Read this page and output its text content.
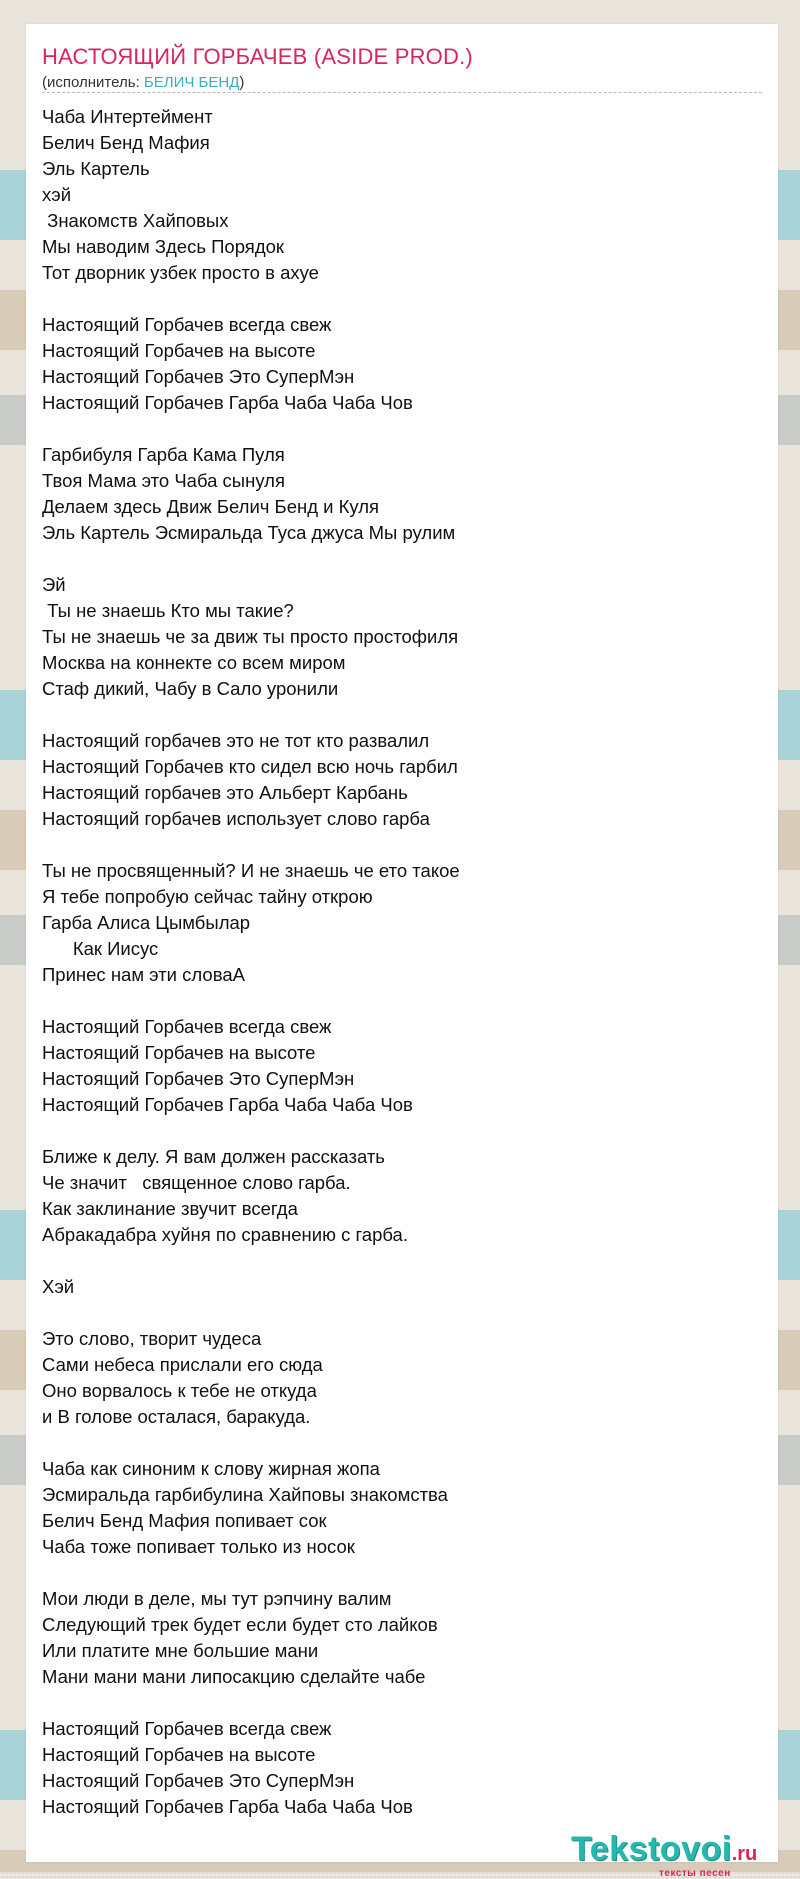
НАСТОЯЩИЙ ГОРБАЧЕВ (ASIDE PROD.)
(исполнитель: БЕЛИЧ БЕНД)
Чаба Интертеймент
Белич Бенд Мафия
Эль Картель
хэй
Знакомств Хайповых
Мы наводим Здесь Порядок
Тот дворник узбек просто в ахуе
Настоящий Горбачев всегда свеж
Настоящий Горбачев на высоте
Настоящий Горбачев Это СуперМэн
Настоящий Горбачев Гарба Чаба Чаба Чов
Гарбибуля Гарба Кама Пуля
Твоя Мама это Чаба сынуля
Делаем здесь Движ Белич Бенд и Куля
Эль Картель Эсмиральда Туса джуса Мы рулим
Эй
Ты не знаешь Кто мы такие?
Ты не знаешь че за движ ты просто простофиля
Москва на коннекте со всем миром
Стаф дикий, Чабу в Сало уронили
Настоящий горбачев это не тот кто развалил
Настоящий Горбачев кто сидел всю ночь гарбил
Настоящий горбачев это Альберт Карбань
Настоящий горбачев использует слово гарба
Ты не просвященный? И не знаешь че ето такое
Я тебе попробую сейчас тайну открою
Гарба Алиса Цымбылар
Как Иисус
Принес нам эти словаА
Настоящий Горбачев всегда свеж
Настоящий Горбачев на высоте
Настоящий Горбачев Это СуперМэн
Настоящий Горбачев Гарба Чаба Чаба Чов
Ближе к делу. Я вам должен рассказать
Че значит   священное слово гарба.
Как заклинание звучит всегда
Абракадабра хуйня по сравнению с гарба.
Хэй
Это слово, творит чудеса
Сами небеса прислали его сюда
Оно ворвалось к тебе не откуда
и В голове осталася, баракуда.
Чаба как синоним к слову жирная жопа
Эсмиральда гарбибулина Хайповы знакомства
Белич Бенд Мафия попивает сок
Чаба тоже попивает только из носок
Мои люди в деле, мы тут рэпчину валим
Следующий трек будет если будет сто лайков
Или платите мне большие мани
Мани мани мани липосакцию сделайте чабе
Настоящий Горбачев всегда свеж
Настоящий Горбачев на высоте
Настоящий Горбачев Это СуперМэн
Настоящий Горбачев Гарба Чаба Чаба Чов
Tekstovoi.ru
тексты песен
